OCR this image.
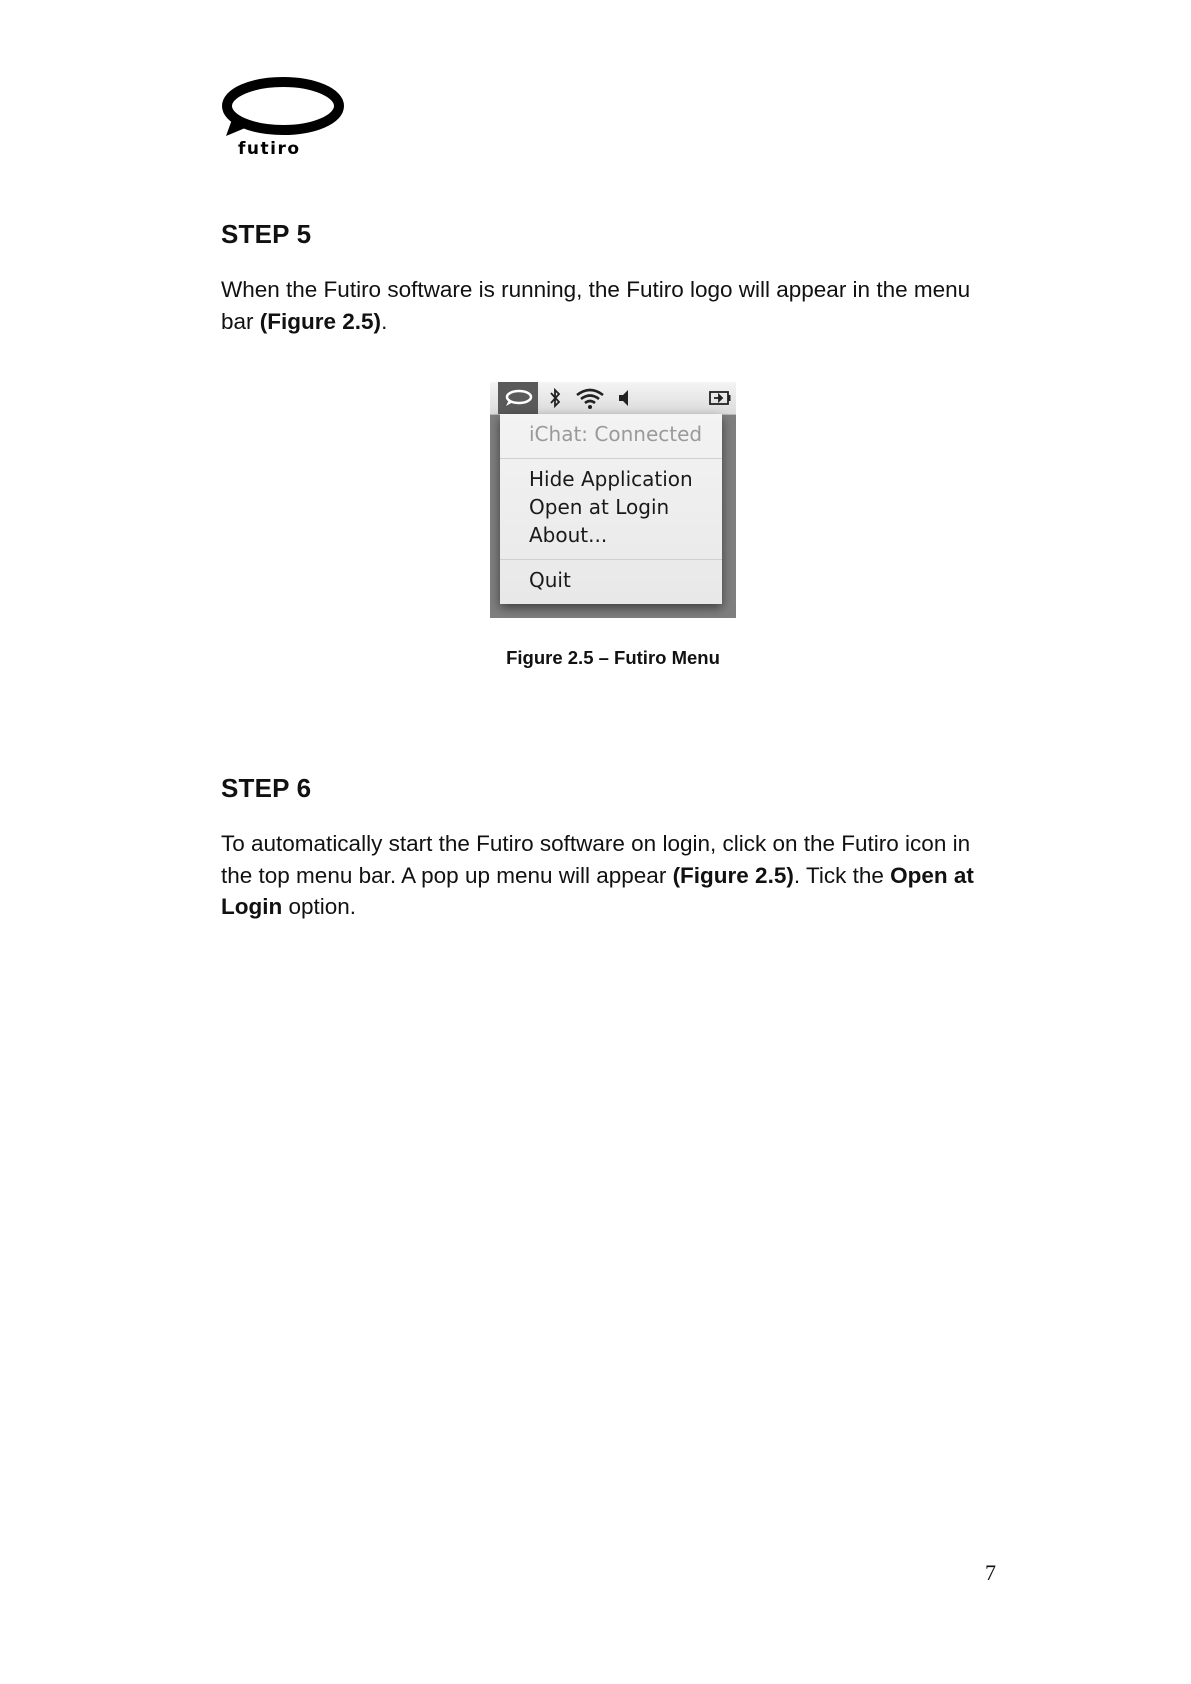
futiro
STEP 5

When the Futiro software is running, the Futiro logo will appear in the menu bar (Figure 2.5).

iChat: Connected
Hide Application
Open at Login
About...
Quit

Figure 2.5 – Futiro Menu

STEP 6

To automatically start the Futiro software on login, click on the Futiro icon in the top menu bar. A pop up menu will appear (Figure 2.5). Tick the Open at Login option.

7
